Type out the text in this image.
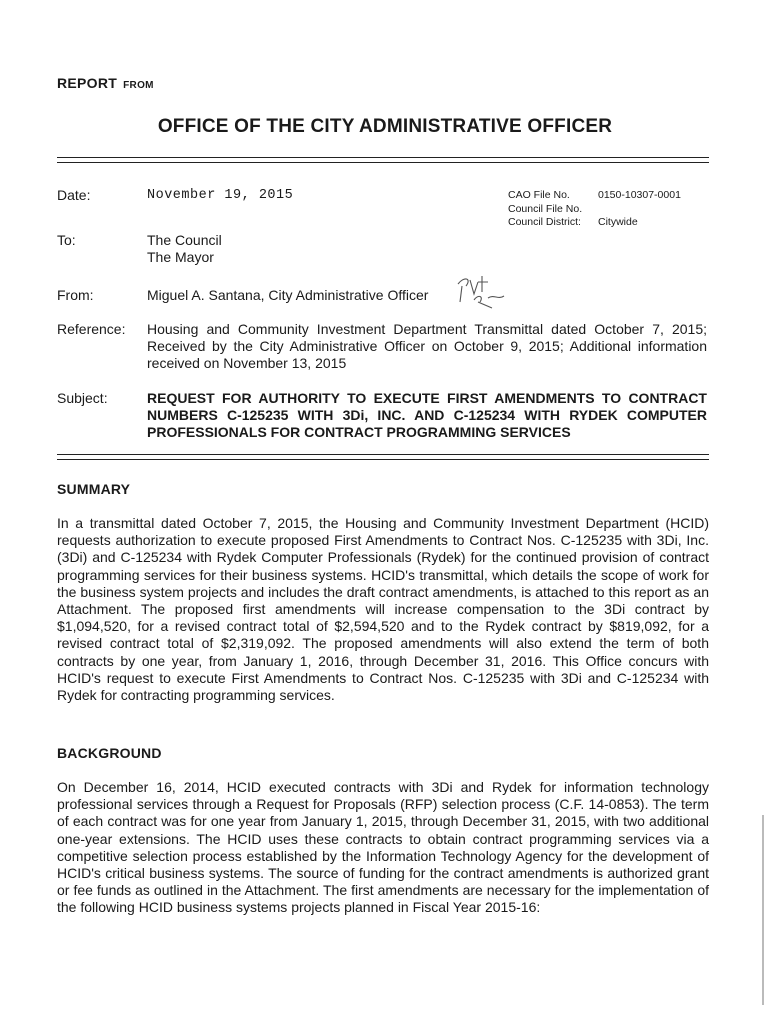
REPORT FROM
OFFICE OF THE CITY ADMINISTRATIVE OFFICER
Date:	November 19, 2015	CAO File No.	0150-10307-0001
Council File No.
Council District:	Citywide
To:	The Council
The Mayor
From:	Miguel A. Santana, City Administrative Officer
Reference: Housing and Community Investment Department Transmittal dated October 7, 2015; Received by the City Administrative Officer on October 9, 2015; Additional information received on November 13, 2015
Subject:	REQUEST FOR AUTHORITY TO EXECUTE FIRST AMENDMENTS TO CONTRACT NUMBERS C-125235 WITH 3Di, INC. AND C-125234 WITH RYDEK COMPUTER PROFESSIONALS FOR CONTRACT PROGRAMMING SERVICES
SUMMARY
In a transmittal dated October 7, 2015, the Housing and Community Investment Department (HCID) requests authorization to execute proposed First Amendments to Contract Nos. C-125235 with 3Di, Inc. (3Di) and C-125234 with Rydek Computer Professionals (Rydek) for the continued provision of contract programming services for their business systems. HCID's transmittal, which details the scope of work for the business system projects and includes the draft contract amendments, is attached to this report as an Attachment. The proposed first amendments will increase compensation to the 3Di contract by $1,094,520, for a revised contract total of $2,594,520 and to the Rydek contract by $819,092, for a revised contract total of $2,319,092. The proposed amendments will also extend the term of both contracts by one year, from January 1, 2016, through December 31, 2016. This Office concurs with HCID's request to execute First Amendments to Contract Nos. C-125235 with 3Di and C-125234 with Rydek for contracting programming services.
BACKGROUND
On December 16, 2014, HCID executed contracts with 3Di and Rydek for information technology professional services through a Request for Proposals (RFP) selection process (C.F. 14-0853). The term of each contract was for one year from January 1, 2015, through December 31, 2015, with two additional one-year extensions. The HCID uses these contracts to obtain contract programming services via a competitive selection process established by the Information Technology Agency for the development of HCID's critical business systems. The source of funding for the contract amendments is authorized grant or fee funds as outlined in the Attachment. The first amendments are necessary for the implementation of the following HCID business systems projects planned in Fiscal Year 2015-16:
